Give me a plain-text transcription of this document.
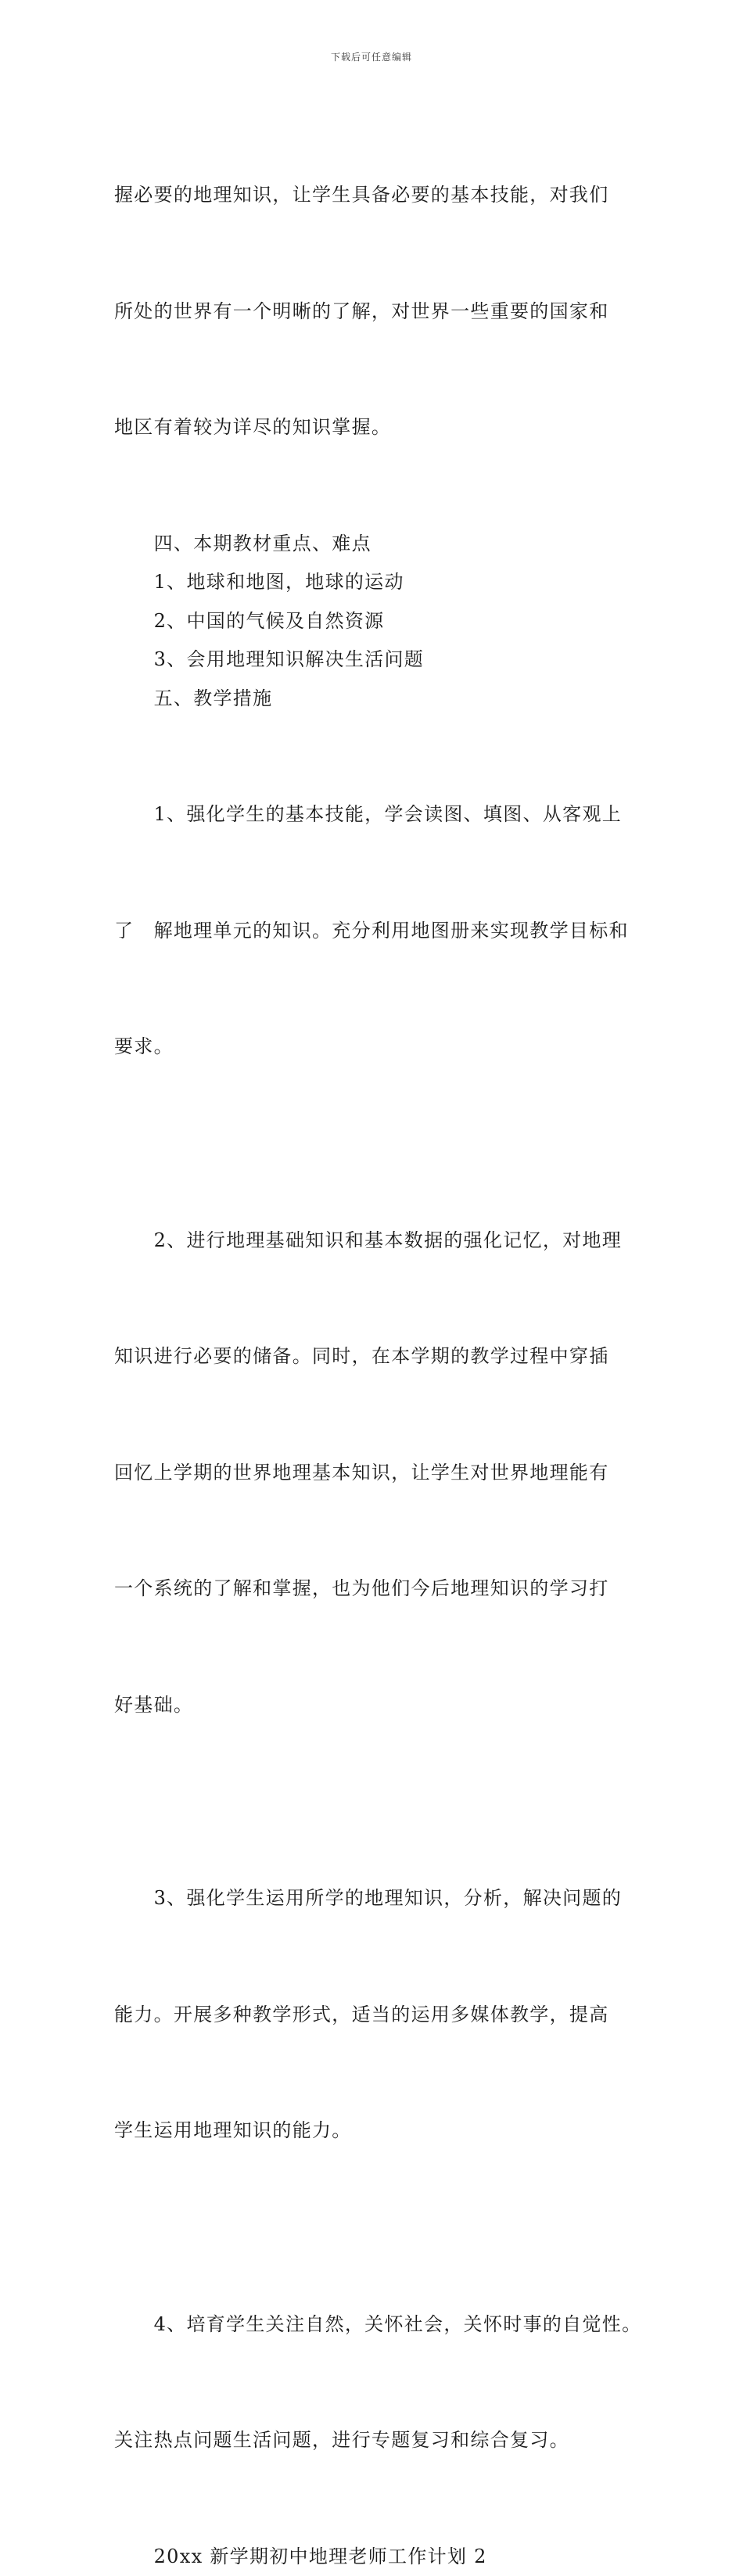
下载后可任意编辑

握必要的地理知识，让学生具备必要的基本技能，对我们

所处的世界有一个明晰的了解，对世界一些重要的国家和

地区有着较为详尽的知识掌握。

　　四、本期教材重点、难点
　　1、地球和地图，地球的运动
　　2、中国的气候及自然资源
　　3、会用地理知识解决生活问题
　　五、教学措施

　　1、强化学生的基本技能，学会读图、填图、从客观上

了　解地理单元的知识。充分利用地图册来实现教学目标和

要求。

　　2、进行地理基础知识和基本数据的强化记忆，对地理

知识进行必要的储备。同时，在本学期的教学过程中穿插

回忆上学期的世界地理基本知识，让学生对世界地理能有

一个系统的了解和掌握，也为他们今后地理知识的学习打

好基础。

　　3、强化学生运用所学的地理知识，分析，解决问题的

能力。开展多种教学形式，适当的运用多媒体教学，提高

学生运用地理知识的能力。

　　4、培育学生关注自然，关怀社会，关怀时事的自觉性。

关注热点问题生活问题，进行专题复习和综合复习。

　　20xx 新学期初中地理老师工作计划 2
